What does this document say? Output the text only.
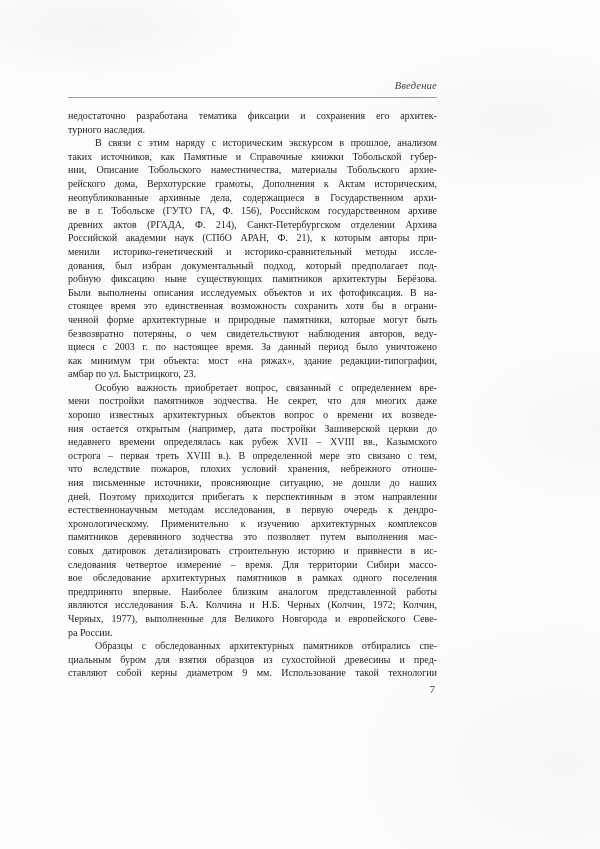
Введение
недостаточно разработана тематика фиксации и сохранения его архитек-
турного наследия.
В связи с этим наряду с историческим экскурсом в прошлое, анализом
таких источников, как Памятные и Справочные книжки Тобольской губер-
нии, Описание Тобольского наместничества, материалы Тобольского архие-
рейского дома, Верхотурские грамоты, Дополнения к Актам историческим,
неопубликованные архивные дела, содержащиеся в Государственном архи-
ве в г. Тобольске (ГУТО ГА, Ф. 156), Российском государственном архиве
древних актов (РГАДА, Ф. 214), Санкт-Петербургском отделении Архива
Российской академии наук (СПбО АРАН, Ф. 21), к которым авторы при-
менили историко-генетический и историко-сравнительный методы иссле-
дования, был избран документальный подход, который предполагает под-
робную фиксацию ныне существующих памятников архитектуры Берёзова.
Были выполнены описания исследуемых объектов и их фотофиксация. В на-
стоящее время это единственная возможность сохранить хотя бы в ограни-
ченной форме архитектурные и природные памятники, которые могут быть
безвозвратно потеряны, о чем свидетельствуют наблюдения авторов, веду-
щиеся с 2003 г. по настоящее время. За данный период было уничтожено
как минимум три объекта: мост «на ряжах», здание редакции-типографии,
амбар по ул. Быстрицкого, 23.
Особую важность приобретает вопрос, связанный с определением вре-
мени постройки памятников зодчества. Не секрет, что для многих даже
хорошо известных архитектурных объектов вопрос о времени их возведе-
ния остается открытым (например, дата постройки Зашиверской церкви до
недавнего времени определялась как рубеж XVII – XVIII вв., Казымского
острога – первая треть XVIII в.). В определенной мере это связано с тем,
что вследствие пожаров, плохих условий хранения, небрежного отноше-
ния письменные источники, проясняющие ситуацию, не дошли до наших
дней. Поэтому приходится прибегать к перспективным в этом направлении
естественнонаучным методам исследования, в первую очередь к дендро-
хронологическому. Применительно к изучению архитектурных комплексов
памятников деревянного зодчества это позволяет путем выполнения мас-
совых датировок детализировать строительную историю и привнести в ис-
следования четвертое измерение – время. Для территории Сибири массо-
вое обследование архитектурных памятников в рамках одного поселения
предпринято впервые. Наиболее близким аналогом представленной работы
являются исследования Б.А. Колчина и Н.Б. Черных (Колчин, 1972; Колчин,
Черных, 1977), выполненные для Великого Новгорода и европейского Севе-
ра России.
Образцы с обследованных архитектурных памятников отбирались спе-
циальным буром для взятия образцов из сухостойной древесины и пред-
ставляют собой керны диаметром 9 мм. Использование такой технологии
7
